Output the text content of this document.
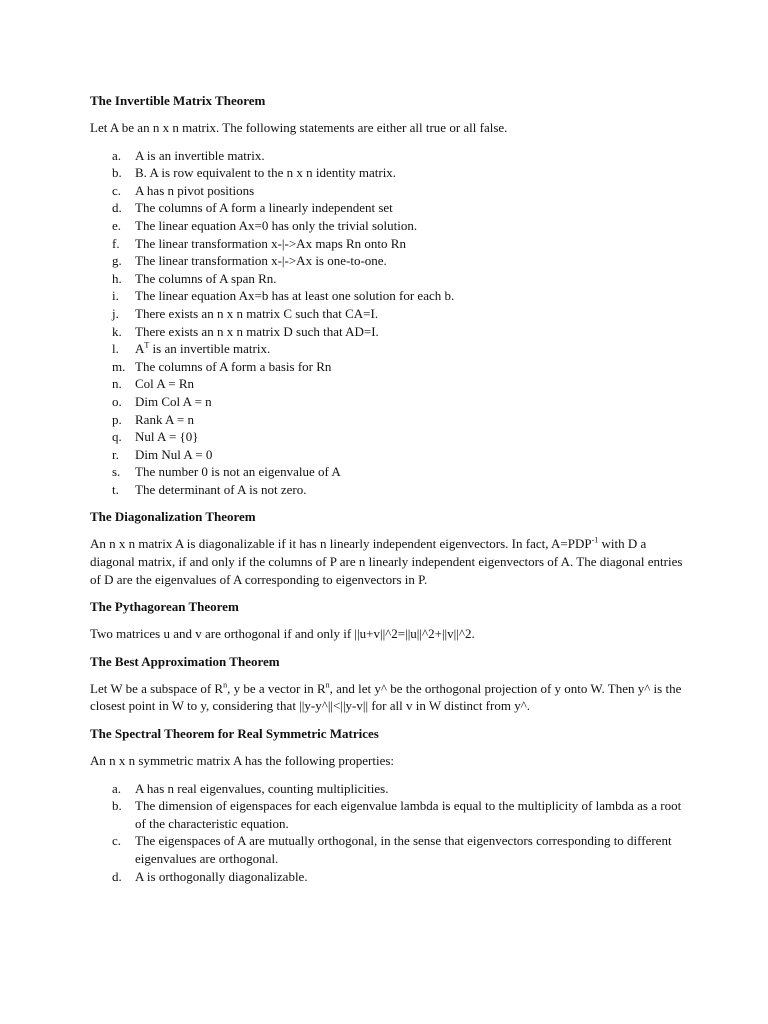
The Invertible Matrix Theorem
Let A be an n x n matrix. The following statements are either all true or all false.
a.	A is an invertible matrix.
b.	B. A is row equivalent to the n x n identity matrix.
c.	A has n pivot positions
d.	The columns of A form a linearly independent set
e.	The linear equation Ax=0 has only the trivial solution.
f.	The linear transformation x-|->Ax maps Rn onto Rn
g.	The linear transformation x-|->Ax is one-to-one.
h.	The columns of A span Rn.
i.	The linear equation Ax=b has at least one solution for each b.
j.	There exists an n x n matrix C such that CA=I.
k.	There exists an n x n matrix D such that AD=I.
l.	$A^T$ is an invertible matrix.
m. The columns of A form a basis for Rn
n.	Col A = Rn
o.	Dim Col A = n
p.	Rank A = n
q.	Nul A = {0}
r.	Dim Nul A = 0
s.	The number 0 is not an eigenvalue of A
t.	The determinant of A is not zero.
The Diagonalization Theorem
An n x n matrix A is diagonalizable if it has n linearly independent eigenvectors. In fact, $A=PDP^{-1}$ with D a diagonal matrix, if and only if the columns of P are n linearly independent eigenvectors of A. The diagonal entries of D are the eigenvalues of A corresponding to eigenvectors in P.
The Pythagorean Theorem
Two matrices u and v are orthogonal if and only if ||u+v||^2=||u||^2+||v||^2.
The Best Approximation Theorem
Let W be a subspace of $R^n$, y be a vector in $R^n$, and let y^ be the orthogonal projection of y onto W. Then y^ is the closest point in W to y, considering that ||y-y^||<||y-v|| for all v in W distinct from y^.
The Spectral Theorem for Real Symmetric Matrices
An n x n symmetric matrix A has the following properties:
a.	A has n real eigenvalues, counting multiplicities.
b.	The dimension of eigenspaces for each eigenvalue lambda is equal to the multiplicity of lambda as a root of the characteristic equation.
c.	The eigenspaces of A are mutually orthogonal, in the sense that eigenvectors corresponding to different eigenvalues are orthogonal.
d.	A is orthogonally diagonalizable.
